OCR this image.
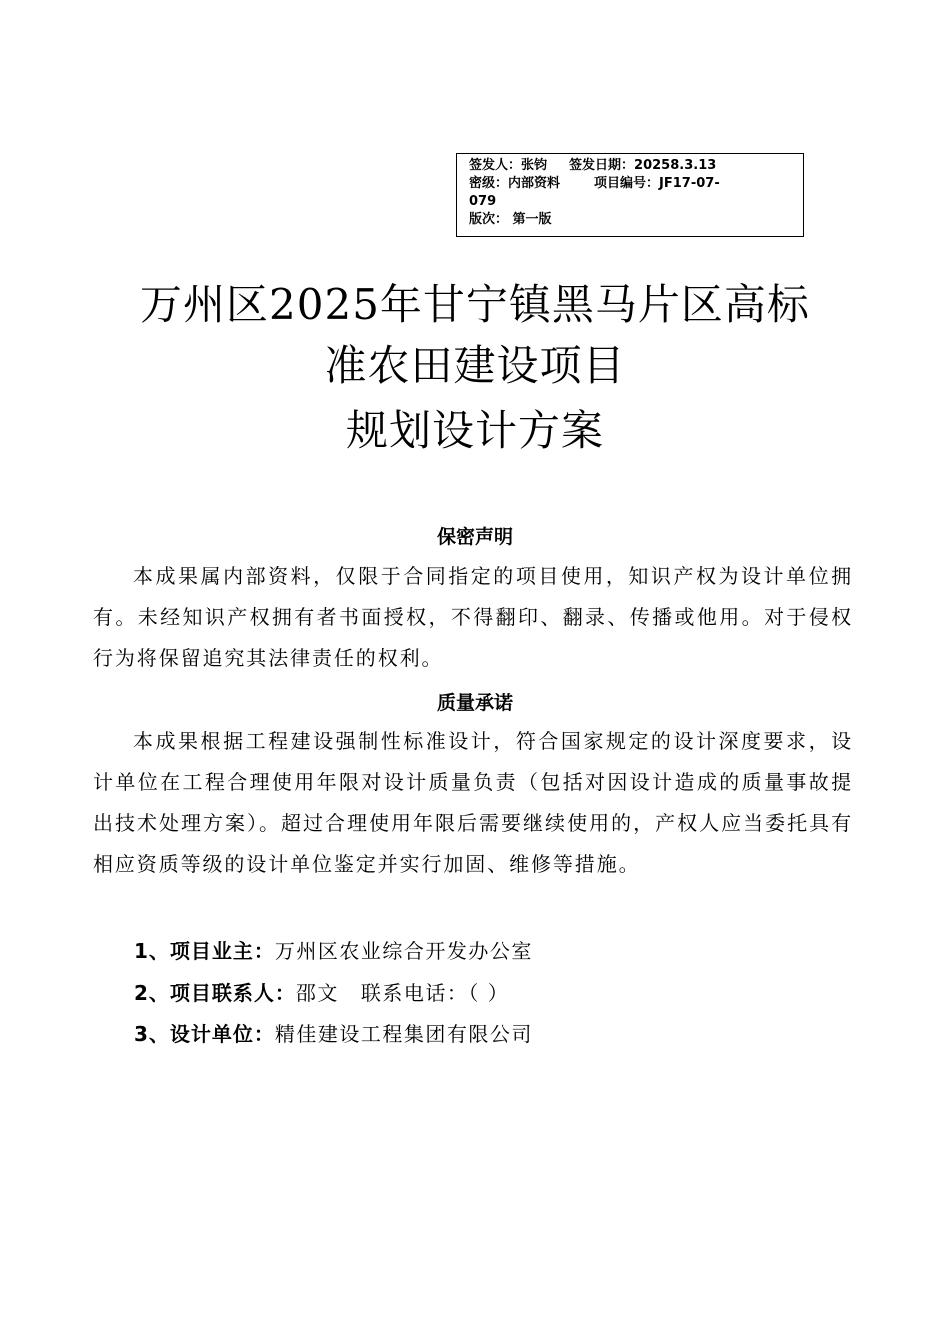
签发人：张钧 签发日期：20258.3.13
密级：内部资料	项目编号：JF17-07-
079
版次： 第一版
万州区2025年甘宁镇黑马片区高标
准农田建设项目
规划设计方案
保密声明
本成果属内部资料，仅限于合同指定的项目使用，知识产权为设计单位拥有。未经知识产权拥有者书面授权，不得翻印、翻录、传播或他用。对于侵权行为将保留追究其法律责任的权利。
质量承诺
本成果根据工程建设强制性标准设计，符合国家规定的设计深度要求，设计单位在工程合理使用年限对设计质量负责（包括对因设计造成的质量事故提出技术处理方案）。超过合理使用年限后需要继续使用的，产权人应当委托具有相应资质等级的设计单位鉴定并实行加固、维修等措施。
1、项目业主：万州区农业综合开发办公室
2、项目联系人：邵文 联系电话：（ ）
3、设计单位：精佳建设工程集团有限公司
